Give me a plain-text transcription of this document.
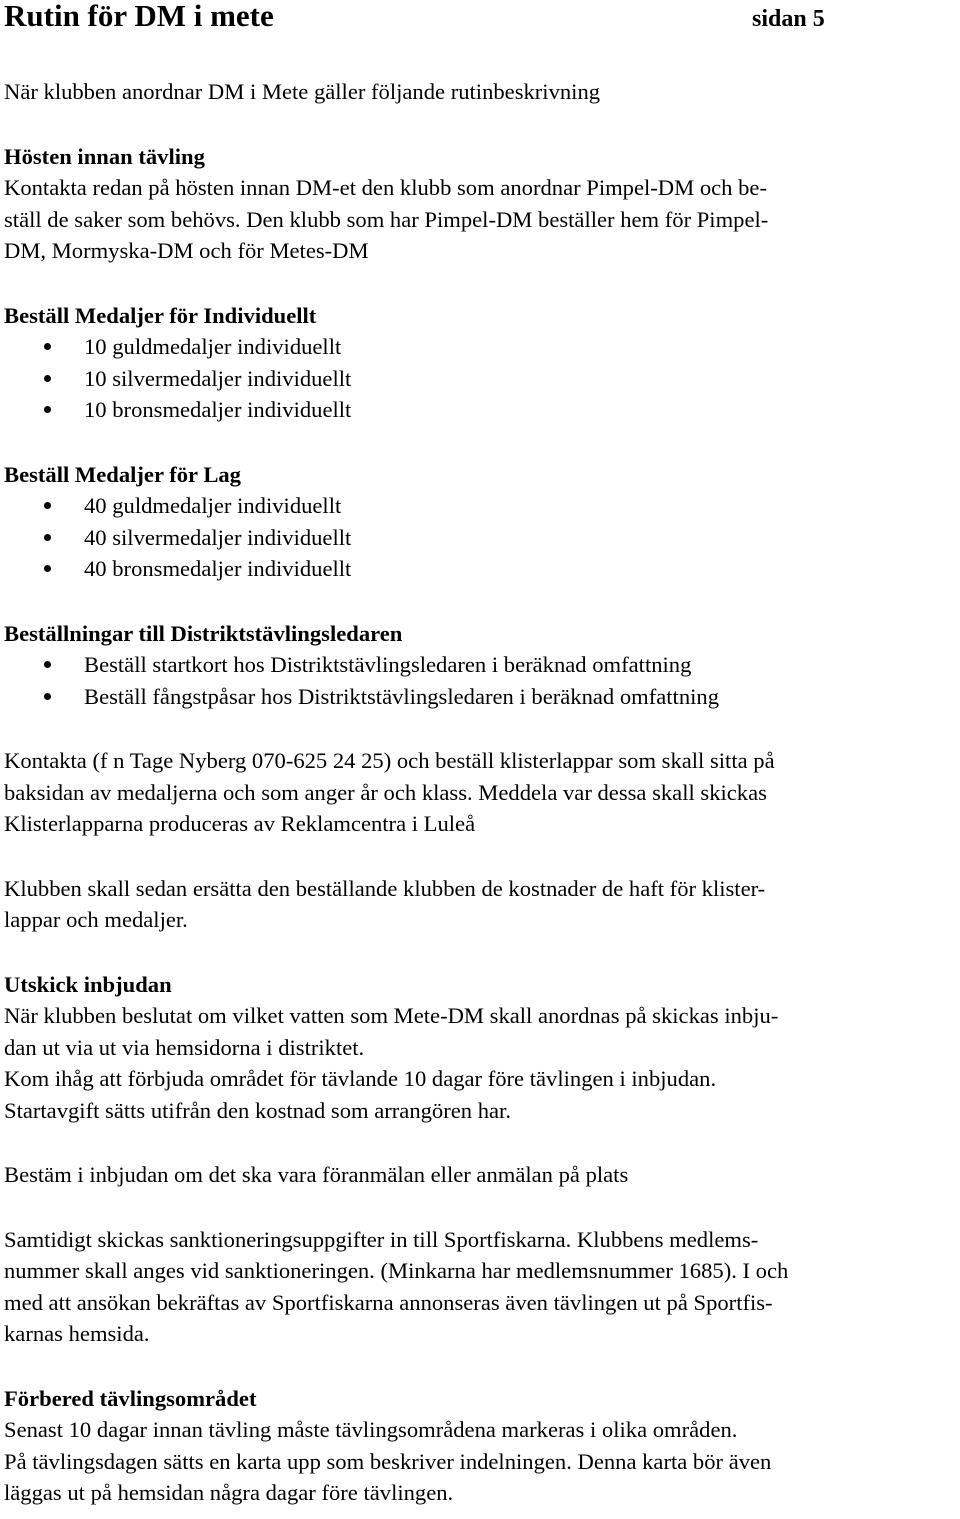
Rutin för DM i mete	sidan 5
När klubben anordnar DM i Mete gäller följande rutinbeskrivning
Hösten innan tävling
Kontakta redan på hösten innan DM-et den klubb som anordnar Pimpel-DM och be-
ställ de saker som behövs. Den klubb som har Pimpel-DM beställer hem för Pimpel-
DM, Mormyska-DM och för Metes-DM
Beställ Medaljer för Individuellt
10 guldmedaljer individuellt
10 silvermedaljer individuellt
10 bronsmedaljer individuellt
Beställ Medaljer för Lag
40 guldmedaljer individuellt
40 silvermedaljer individuellt
40 bronsmedaljer individuellt
Beställningar till Distriktstävlingsledaren
Beställ startkort hos Distriktstävlingsledaren i beräknad omfattning
Beställ fångstpåsar hos Distriktstävlingsledaren i beräknad omfattning
Kontakta (f n Tage Nyberg 070-625 24 25) och beställ klisterlappar som skall sitta på
baksidan av medaljerna och som anger år och klass. Meddela var dessa skall skickas
Klisterlapparna produceras av Reklamcentra i Luleå
Klubben skall sedan ersätta den beställande klubben de kostnader de haft för klister-
lappar och medaljer.
Utskick inbjudan
När klubben beslutat om vilket vatten som Mete-DM skall anordnas på skickas inbju-
dan ut via ut via hemsidorna i distriktet.
Kom ihåg att förbjuda området för tävlande 10 dagar före tävlingen i inbjudan.
Startavgift sätts utifrån den kostnad som arrangören har.
Bestäm i inbjudan om det ska vara föranmälan eller anmälan på plats
Samtidigt skickas sanktioneringsuppgifter in till Sportfiskarna. Klubbens medlems-
nummer skall anges vid sanktioneringen. (Minkarna har medlemsnummer 1685). I och
med att ansökan bekräftas av Sportfiskarna annonseras även tävlingen ut på Sportfis-
karnas hemsida.
Förbered tävlingsområdet
Senast 10 dagar innan tävling måste tävlingsområdena markeras i olika områden.
På tävlingsdagen sätts en karta upp som beskriver indelningen. Denna karta bör även
läggas ut på hemsidan några dagar före tävlingen.
